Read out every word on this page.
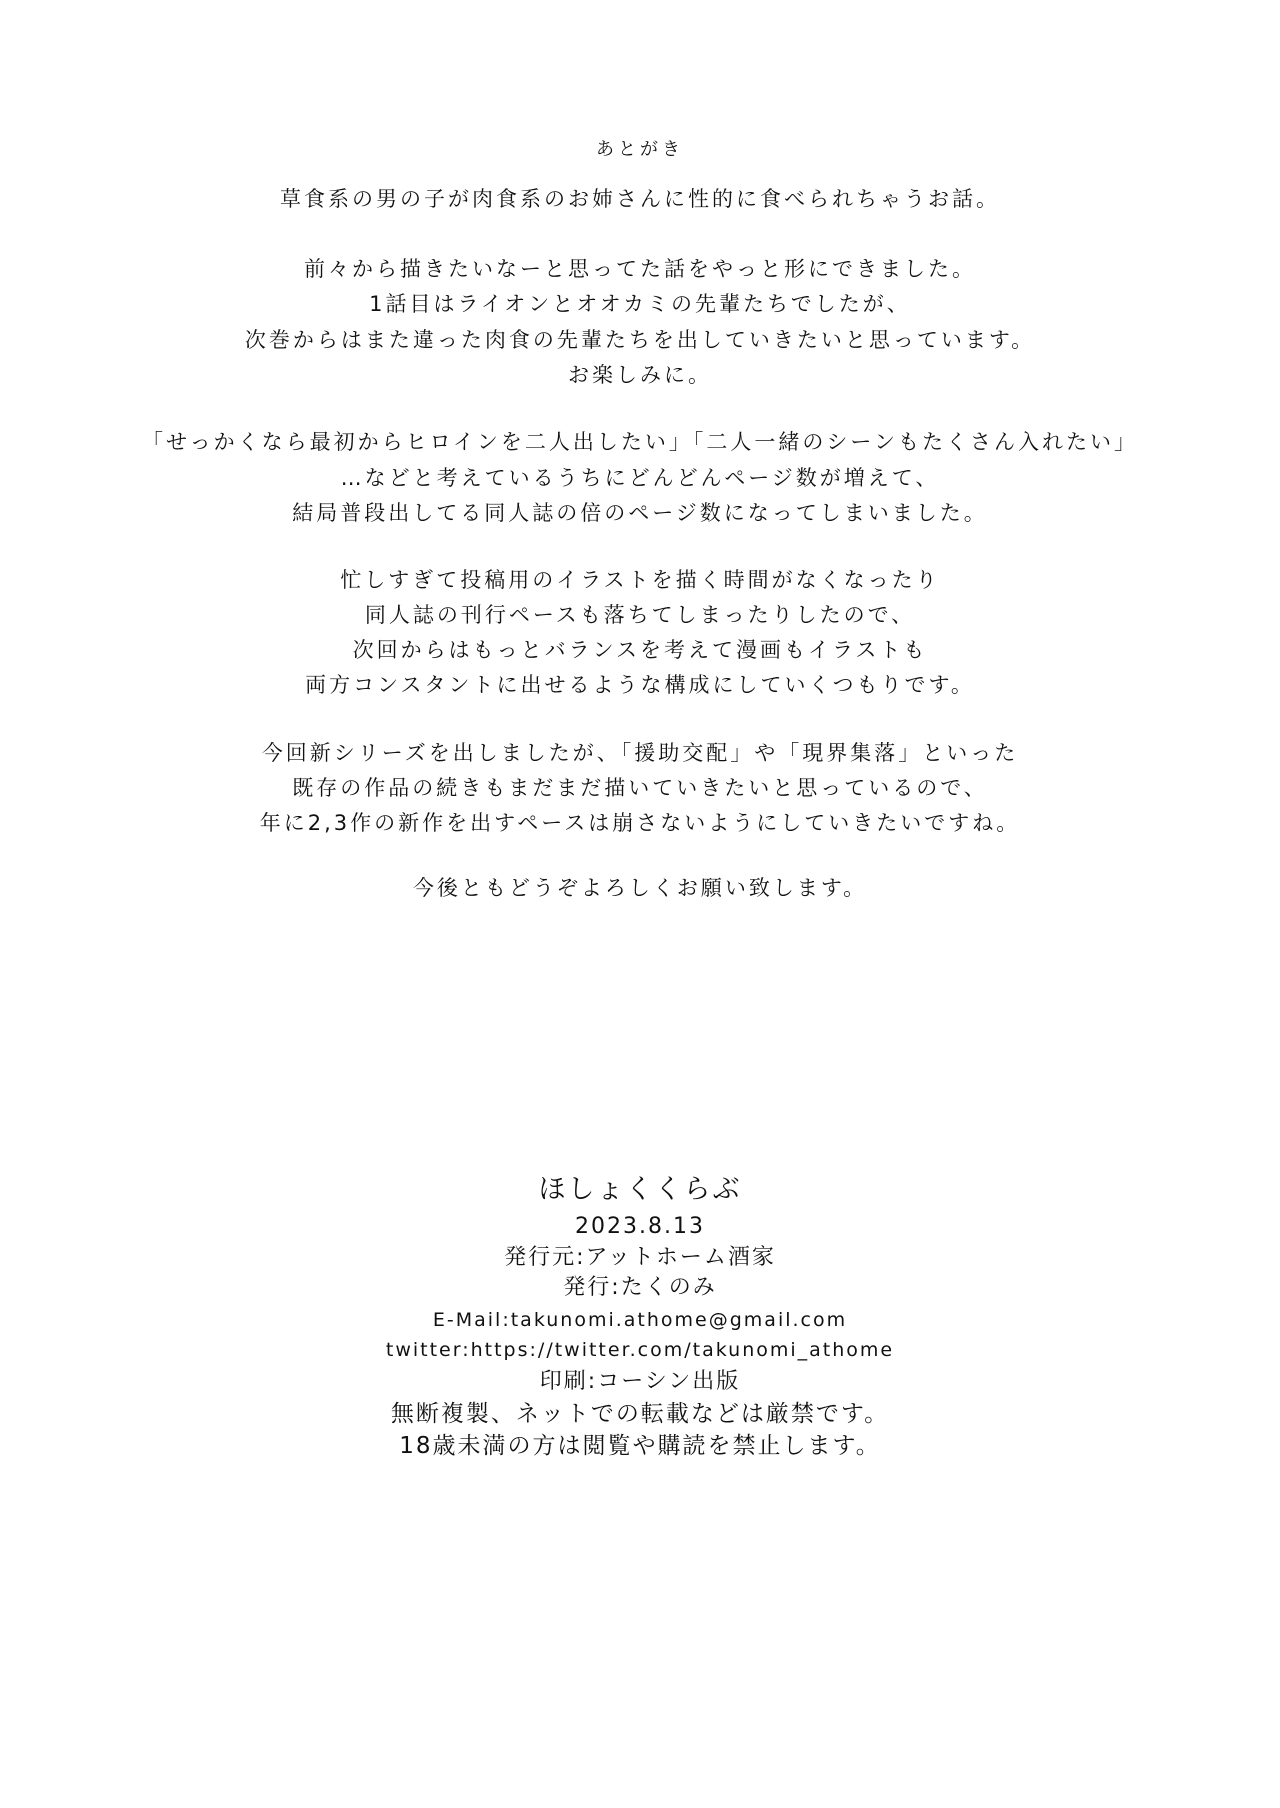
あとがき
草食系の男の子が肉食系のお姉さんに性的に食べられちゃうお話。
前々から描きたいなーと思ってた話をやっと形にできました。
1話目はライオンとオオカミの先輩たちでしたが、
次巻からはまた違った肉食の先輩たちを出していきたいと思っています。
お楽しみに。
「せっかくなら最初からヒロインを二人出したい」「二人一緒のシーンもたくさん入れたい」
…などと考えているうちにどんどんページ数が増えて、
結局普段出してる同人誌の倍のページ数になってしまいました。
忙しすぎて投稿用のイラストを描く時間がなくなったり
同人誌の刊行ペースも落ちてしまったりしたので、
次回からはもっとバランスを考えて漫画もイラストも
両方コンスタントに出せるような構成にしていくつもりです。
今回新シリーズを出しましたが、「援助交配」や「現界集落」といった
既存の作品の続きもまだまだ描いていきたいと思っているので、
年に2,3作の新作を出すペースは崩さないようにしていきたいですね。
今後ともどうぞよろしくお願い致します。
ほしょくくらぶ
2023.8.13
発行元:アットホーム酒家
発行:たくのみ
E-Mail:takunomi.athome@gmail.com
twitter:https://twitter.com/takunomi_athome
印刷:コーシン出版
無断複製、ネットでの転載などは厳禁です。
18歳未満の方は閲覧や購読を禁止します。
